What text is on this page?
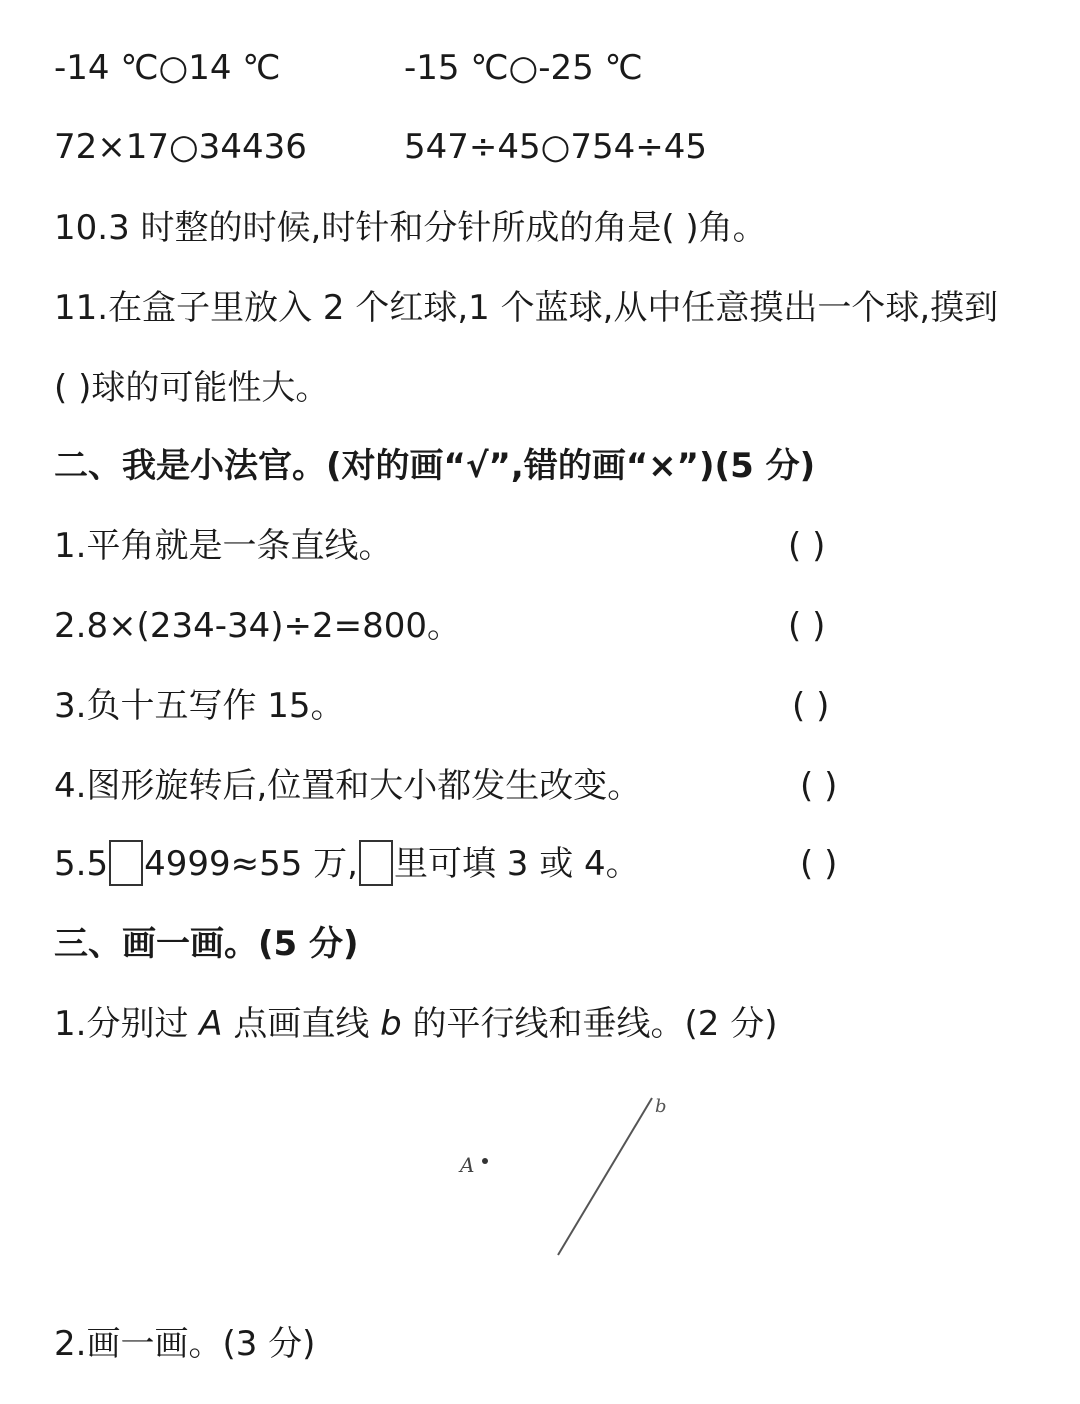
-14 ℃○14 ℃	-15 ℃○-25 ℃
72×17○34436	547÷45○754÷45
10.3 时整的时候,时针和分针所成的角是( )角。
11.在盒子里放入 2 个红球,1 个蓝球,从中任意摸出一个球,摸到
( )球的可能性大。
二、我是小法官。(对的画“√”,错的画“×”)(5 分)
1.平角就是一条直线。	( )
2.8×(234-34)÷2=800。	( )
3.负十五写作 15。	( )
4.图形旋转后,位置和大小都发生改变。	( )
5.5 4999≈55 万, 里可填 3 或 4。	( )
三、画一画。(5 分)
1.分别过 A 点画直线 b 的平行线和垂线。(2 分)
b
A
2.画一画。(3 分)
